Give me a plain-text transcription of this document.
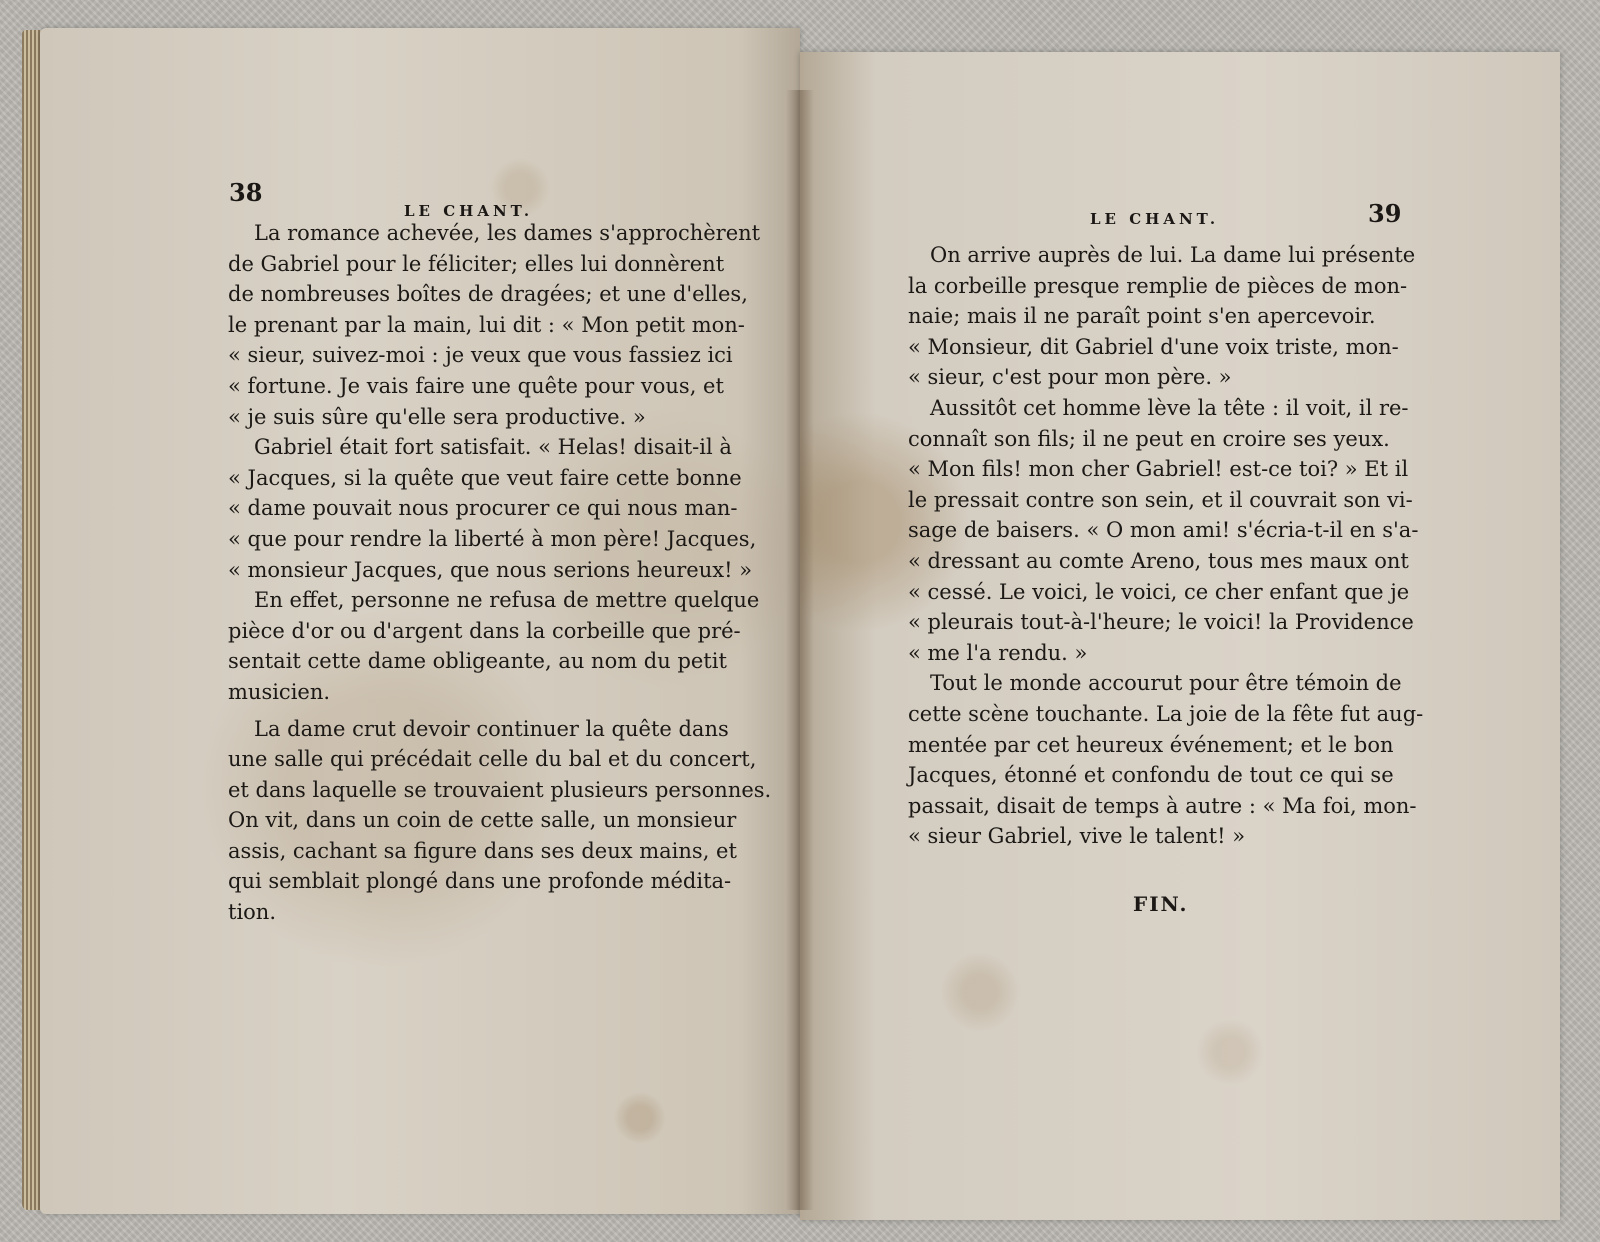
38
LE CHANT.	LE CHANT.	39
La romance achevée, les dames s'approchèrent
de Gabriel pour le féliciter; elles lui donnèrent
de nombreuses boîtes de dragées; et une d'elles,
le prenant par la main, lui dit : « Mon petit mon-
« sieur, suivez-moi : je veux que vous fassiez ici
« fortune. Je vais faire une quête pour vous, et
« je suis sûre qu'elle sera productive. »
Gabriel était fort satisfait. « Helas! disait-il à
« Jacques, si la quête que veut faire cette bonne
« dame pouvait nous procurer ce qui nous man-
« que pour rendre la liberté à mon père! Jacques,
« monsieur Jacques, que nous serions heureux! »
En effet, personne ne refusa de mettre quelque
pièce d'or ou d'argent dans la corbeille que pré-
sentait cette dame obligeante, au nom du petit
musicien.
La dame crut devoir continuer la quête dans
une salle qui précédait celle du bal et du concert,
et dans laquelle se trouvaient plusieurs personnes.
On vit, dans un coin de cette salle, un monsieur
assis, cachant sa figure dans ses deux mains, et
qui semblait plongé dans une profonde médita-
tion.
On arrive auprès de lui. La dame lui présente
la corbeille presque remplie de pièces de mon-
naie; mais il ne paraît point s'en apercevoir.
« Monsieur, dit Gabriel d'une voix triste, mon-
« sieur, c'est pour mon père. »
Aussitôt cet homme lève la tête : il voit, il re-
connaît son fils; il ne peut en croire ses yeux.
« Mon fils! mon cher Gabriel! est-ce toi? » Et il
le pressait contre son sein, et il couvrait son vi-
sage de baisers. « O mon ami! s'écria-t-il en s'a-
« dressant au comte Areno, tous mes maux ont
« cessé. Le voici, le voici, ce cher enfant que je
« pleurais tout-à-l'heure; le voici! la Providence
« me l'a rendu. »
Tout le monde accourut pour être témoin de
cette scène touchante. La joie de la fête fut aug-
mentée par cet heureux événement; et le bon
Jacques, étonné et confondu de tout ce qui se
passait, disait de temps à autre : « Ma foi, mon-
« sieur Gabriel, vive le talent! »
FIN.
